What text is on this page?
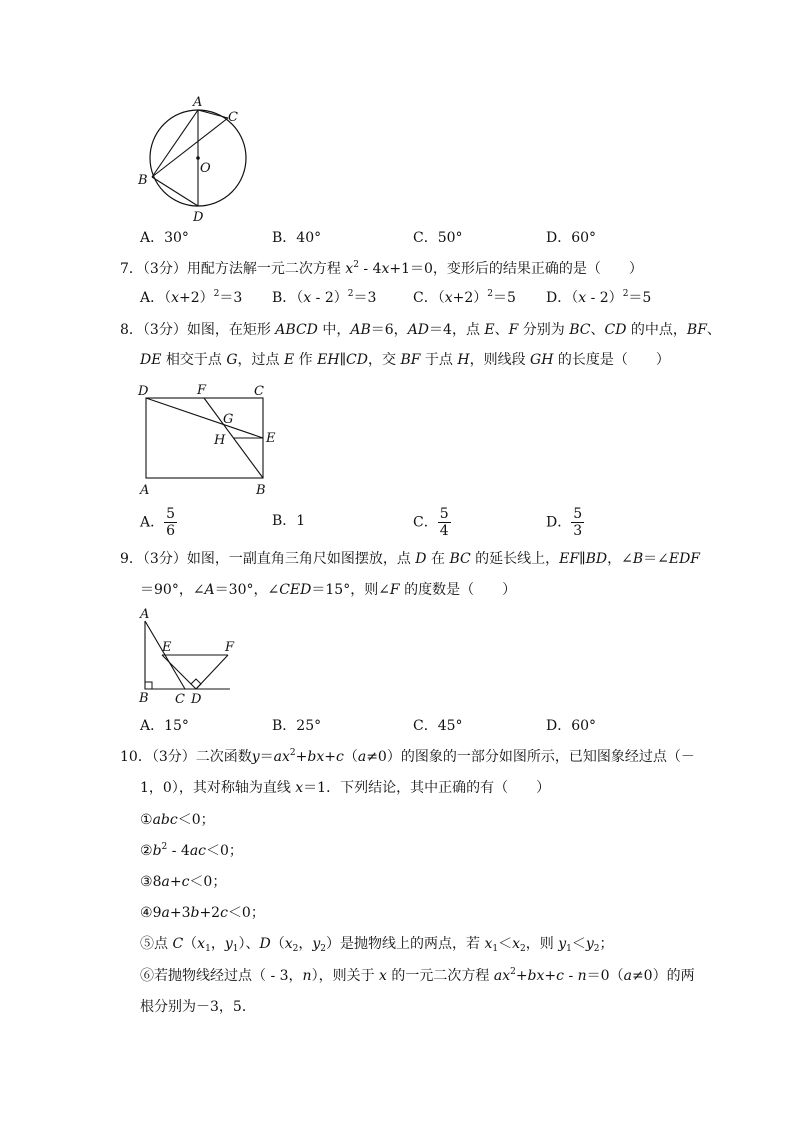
A
C
O
B
D
A．30°	B．40°	C．50°	D．60°
7．（3分）用配方法解一元二次方程 $x^2 - 4x+1=0$，变形后的结果正确的是（　　）
A．$(x+2)^2=3$ B．（x - 2）$^2$＝3	C．$(x+2)^2=5$ D．（x - 2）$^2$＝5
8．（3分）如图，在矩形 ABCD 中，AB＝6，AD＝4，点 E、F 分别为 BC、CD 的中点，BF、
DE 相交于点 G，过点 E 作 EH∥CD，交 BF 于点 H，则线段 GH 的长度是（　　）
D	F	C
G
H	E
A	B
A． $\frac{5}{6}$	B．1	C． $\frac{5}{4}$	D． $\frac{5}{3}$
9．（3分）如图，一副直角三角尺如图摆放，点 D 在 BC 的延长线上，EF∥BD，∠B＝∠EDF
＝90°，∠A＝30°，∠CED＝15°，则∠F 的度数是（　　）
A
E	F
B C D
A．15°	B．25°	C．45°	D．60°
10．（3分）二次函数$y=ax^2+bx+c(a\ne 0)$的图象的一部分如图所示，已知图象经过点（－
1，0），其对称轴为直线 x＝1．下列结论，其中正确的有（　　）
①abc＜0；
$②b^2 - 4ac<0$；
③8a+c＜0；
④9a+3b+2c＜0；
⑤点 $C(x_1$，$y_1$）、$D(x_2$，$y_2$）是抛物线上的两点，若 $x_1<x_2$，则 $y_1<y_2$；
⑥若抛物线经过点（ - 3，n），则关于 x 的一元二次方程 $ax^2+bx+c - n=0(a\ne 0)$的两
根分别为－3，5．
